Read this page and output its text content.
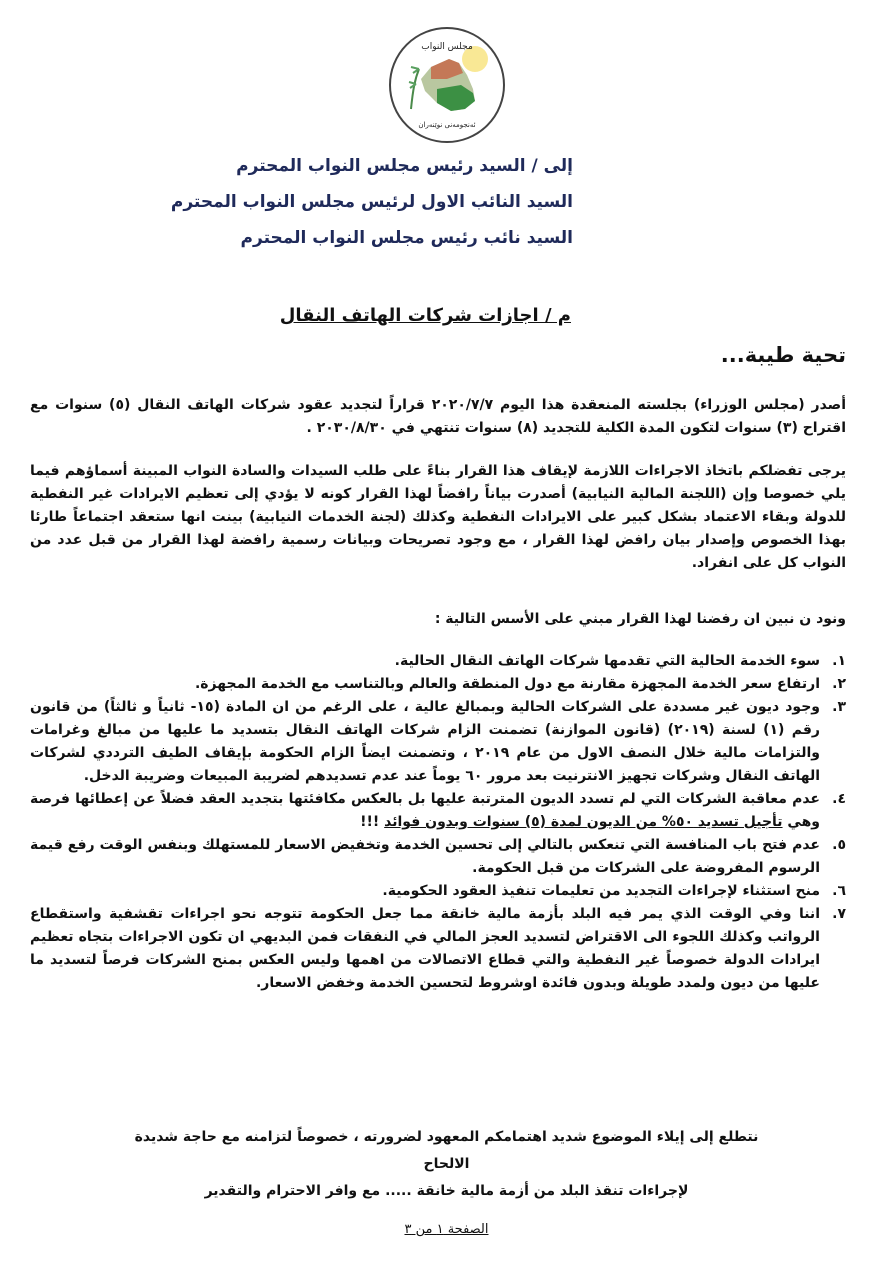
مجلس النواب
ئەنجومەنی نوێنەران
إلى / السيد رئيس مجلس النواب المحترم
السيد النائب الاول لرئيس مجلس النواب المحترم
السيد نائب رئيس مجلس النواب المحترم
م / اجازات شركات الهاتف النقال
تحية طيبة...
أصدر (مجلس الوزراء) بجلسته المنعقدة هذا اليوم ٢٠٢٠/٧/٧ قراراً لتجديد عقود شركات الهاتف النقال (٥) سنوات مع اقتراح (٣) سنوات لتكون المدة الكلية للتجديد (٨) سنوات تنتهي في ٢٠٣٠/٨/٣٠ .
يرجى تفضلكم باتخاذ الاجراءات اللازمة لإيقاف هذا القرار بناءً على طلب السيدات والسادة النواب المبينة أسماؤهم فيما يلي خصوصا وإن (اللجنة المالية النيابية) أصدرت بياناً رافضاً لهذا القرار كونه لا يؤدي إلى تعظيم الايرادات غير النفطية للدولة وبقاء الاعتماد بشكل كبير على الايرادات النفطية وكذلك (لجنة الخدمات النيابية) بينت انها ستعقد اجتماعاً طارئا بهذا الخصوص وإصدار بيان رافض لهذا القرار ، مع وجود تصريحات وبيانات رسمية رافضة لهذا القرار من قبل عدد من النواب كل على انفراد.
ونود ن نبين ان رفضنا لهذا القرار مبني على الأسس التالية :
١.
سوء الخدمة الحالية التي تقدمها شركات الهاتف النقال الحالية.
٢.
ارتفاع سعر الخدمة المجهزة مقارنة مع دول المنطقة والعالم وبالتناسب مع الخدمة المجهزة.
٣.
وجود ديون غير مسددة على الشركات الحالية وبمبالغ عالية ، على الرغم من ان المادة (١٥- ثانياً و ثالثاً) من قانون رقم (١) لسنة (٢٠١٩) (قانون الموازنة) تضمنت الزام شركات الهاتف النقال بتسديد ما عليها من مبالغ وغرامات والتزامات مالية خلال النصف الاول من عام ٢٠١٩ ، وتضمنت ايضاً الزام الحكومة بإيقاف الطيف الترددي لشركات الهاتف النقال وشركات تجهيز الانترنيت بعد مرور ٦٠ يوماً عند عدم تسديدهم لضريبة المبيعات وضريبة الدخل.
٤.
عدم معاقبة الشركات التي لم تسدد الديون المترتبة عليها بل بالعكس مكافئتها بتجديد العقد فضلاً عن إعطائها فرصة وهي تأجيل تسديد ٥٠% من الديون لمدة (٥) سنوات وبدون فوائد !!!
٥.
عدم فتح باب المنافسة التي تنعكس بالتالي إلى تحسين الخدمة وتخفيض الاسعار للمستهلك وبنفس الوقت رفع قيمة الرسوم المفروضة على الشركات من قبل الحكومة.
٦.
منح استثناء لإجراءات التجديد من تعليمات تنفيذ العقود الحكومية.
٧.
اننا وفي الوقت الذي يمر فيه البلد بأزمة مالية خانقة مما جعل الحكومة تتوجه نحو اجراءات تقشفية واستقطاع الرواتب وكذلك اللجوء الى الاقتراض لتسديد العجز المالي في النفقات فمن البديهي ان تكون الاجراءات بتجاه تعظيم ايرادات الدولة خصوصاً غير النفطية والتي قطاع الاتصالات من اهمها وليس العكس بمنح الشركات فرصاً لتسديد ما عليها من ديون ولمدد طويلة وبدون فائدة اوشروط لتحسين الخدمة وخفض الاسعار.
نتطلع إلى إيلاء الموضوع شديد اهتمامكم المعهود لضرورته ، خصوصاً لتزامنه مع حاجة شديدة الالحاح
لإجراءات تنقذ البلد من أزمة مالية خانقة ..... مع وافر الاحترام والتقدير
الصفحة ١ من ٣
